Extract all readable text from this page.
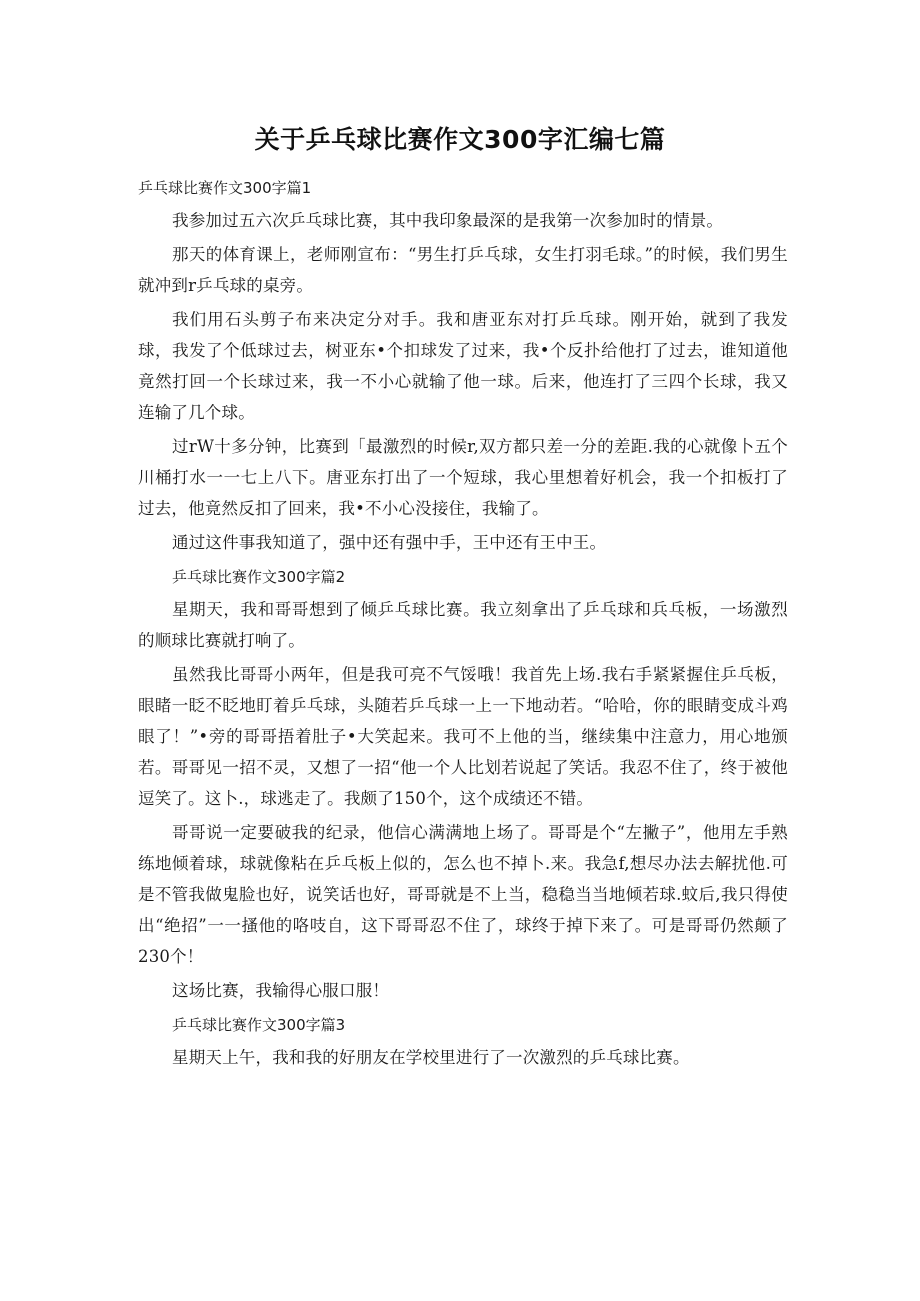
关于乒乓球比赛作文300字汇编七篇
乒乓球比赛作文300字篇1

我参加过五六次乒乓球比赛，其中我印象最深的是我第一次参加时的情景。

那天的体育课上，老师刚宣布：“男生打乒乓球，女生打羽毛球。”的时候，我们男生就冲到r乒乓球的桌旁。

我们用石头剪子布来决定分对手。我和唐亚东对打乒乓球。刚开始，就到了我发球，我发了个低球过去，树亚东•个扣球发了过来，我•个反扑给他打了过去，谁知道他竟然打回一个长球过来，我一不小心就输了他一球。后来，他连打了三四个长球，我又连输了几个球。

过rW十多分钟，比赛到「最激烈的时候r,双方都只差一分的差距.我的心就像卜五个川桶打水一一七上八下。唐亚东打出了一个短球，我心里想着好机会，我一个扣板打了过去，他竟然反扣了回来，我•不小心没接住，我输了。

通过这件事我知道了，强中还有强中手，王中还有王中王。

乒乓球比赛作文300字篇2

星期天，我和哥哥想到了倾乒乓球比赛。我立刻拿出了乒乓球和兵乓板，一场激烈的顺球比赛就打响了。

虽然我比哥哥小两年，但是我可亮不气馁哦！我首先上场.我右手紧紧握住乒乓板，眼睹一眨不眨地盯着乒乓球，头随若乒乓球一上一下地动若。“哈哈，你的眼睛变成斗鸡眼了！”•旁的哥哥捂着肚子•大笑起来。我可不上他的当，继续集中注意力，用心地颁若。哥哥见一招不灵，又想了一招“他一个人比划若说起了笑话。我忍不住了，终于被他逗笑了。这卜.，球逃走了。我颇了150个，这个成绩还不错。

哥哥说一定要破我的纪录，他信心满满地上场了。哥哥是个“左撇子”，他用左手熟练地倾着球，球就像粘在乒乓板上似的，怎么也不掉卜.来。我急f,想尽办法去解扰他.可是不管我做鬼脸也好，说笑话也好，哥哥就是不上当，稳稳当当地倾若球.蚊后,我只得使出“绝招”一一搔他的咯吱自，这下哥哥忍不住了，球终于掉下来了。可是哥哥仍然颠了230个！

这场比赛，我输得心服口服！

乒乓球比赛作文300字篇3

星期天上午，我和我的好朋友在学校里进行了一次激烈的乒乓球比赛。
